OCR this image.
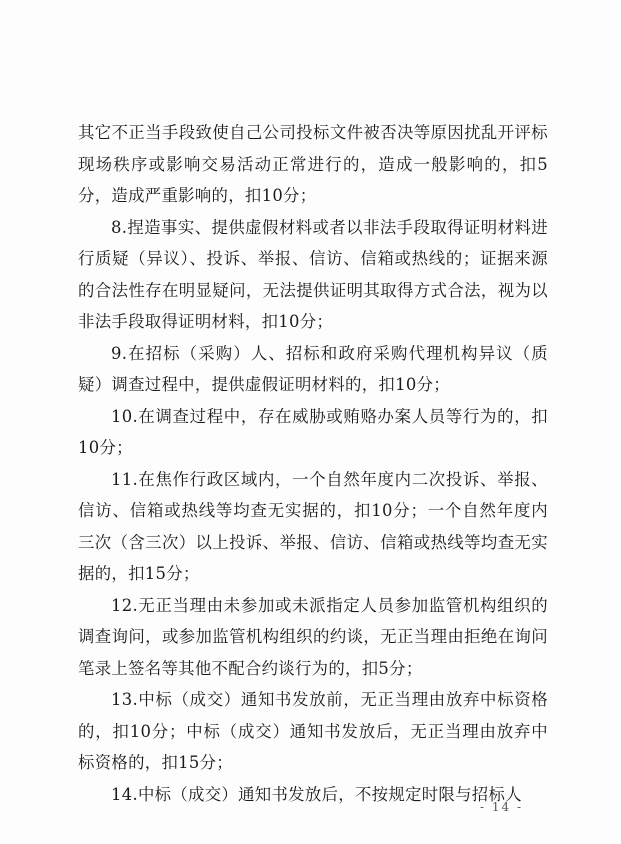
其它不正当手段致使自己公司投标文件被否决等原因扰乱开评标现场秩序或影响交易活动正常进行的，造成一般影响的，扣5分，造成严重影响的，扣10分；

8.捏造事实、提供虚假材料或者以非法手段取得证明材料进行质疑（异议）、投诉、举报、信访、信箱或热线的；证据来源的合法性存在明显疑问，无法提供证明其取得方式合法，视为以非法手段取得证明材料，扣10分；

9.在招标（采购）人、招标和政府采购代理机构异议（质疑）调查过程中，提供虚假证明材料的，扣10分；

10.在调查过程中，存在威胁或贿赂办案人员等行为的，扣10分；

11.在焦作行政区域内，一个自然年度内二次投诉、举报、信访、信箱或热线等均查无实据的，扣10分；一个自然年度内三次（含三次）以上投诉、举报、信访、信箱或热线等均查无实据的，扣15分；

12.无正当理由未参加或未派指定人员参加监管机构组织的调查询问，或参加监管机构组织的约谈，无正当理由拒绝在询问笔录上签名等其他不配合约谈行为的，扣5分；

13.中标（成交）通知书发放前，无正当理由放弃中标资格的，扣10分；中标（成交）通知书发放后，无正当理由放弃中标资格的，扣15分；

14.中标（成交）通知书发放后，不按规定时限与招标人

- 14 -
